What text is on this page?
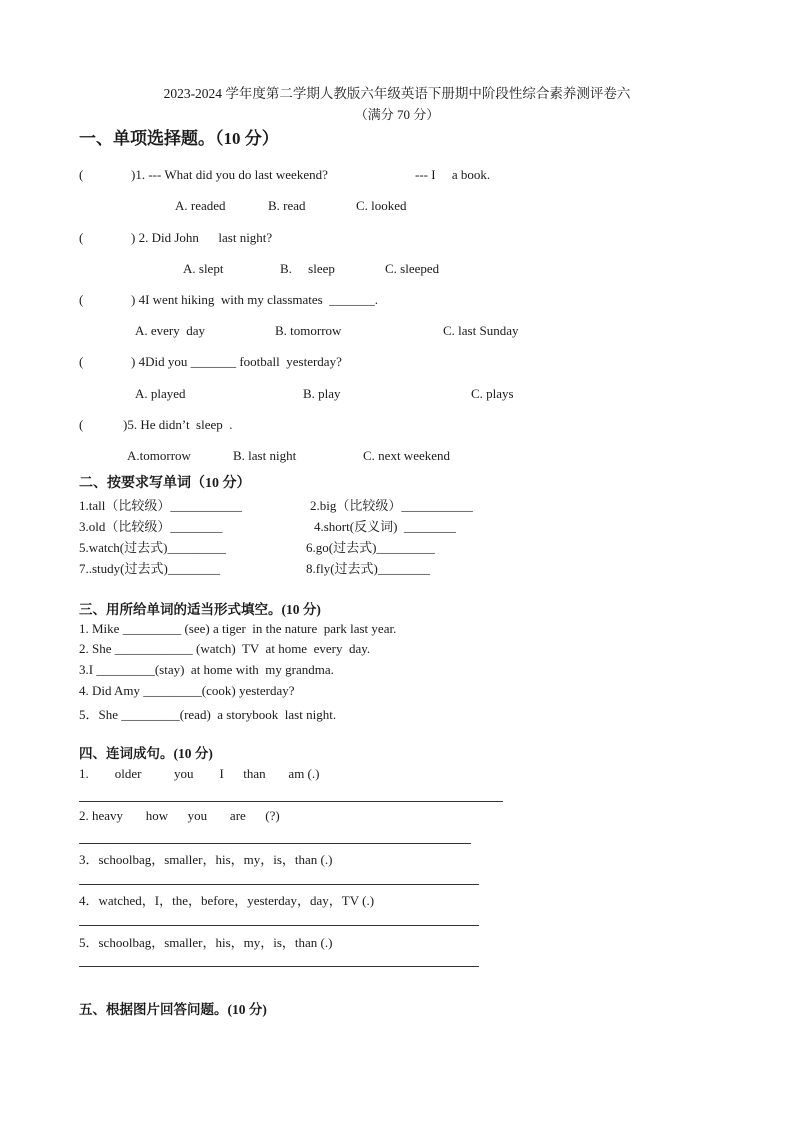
2023-2024 学年度第二学期人教版六年级英语下册期中阶段性综合素养测评卷六
（满分 70 分）
一、单项选择题。（10 分）
(	)1. --- What did you do last weekend?	--- I     a book.
A. readed	B. read	C. looked
(	) 2. Did John      last night?
A. slept	B.     sleep	C. sleeped
(	) 4I went hiking  with my classmates  _______.
A. every  day	B. tomorrow	C. last Sunday
(	) 4Did you _______ football  yesterday?
A. played	B. play	C. plays
(	)5. He didn’t  sleep  .
A.tomorrow	B. last night	C. next weekend
二、按要求写单词（10 分）
1.tall（比较级）___________	2.big（比较级）___________
3.old（比较级）________	4.short(反义词)  ________
5.watch(过去式)_________	6.go(过去式)_________
7..study(过去式)________	8.fly(过去式)________
三、用所给单词的适当形式填空。(10 分)
1. Mike _________ (see) a tiger  in the nature  park last year.
2. She ____________ (watch)  TV  at home  every  day.
3.I _________(stay)  at home with  my grandma.
4. Did Amy _________(cook) yesterday?
5．She _________(read)  a storybook  last night.
四、连词成句。(10 分)
1.        older          you        I      than       am (.)
2. heavy       how      you       are      (?)
3．schoolbag，smaller，his，my，is，than (.)
4．watched，I，the，before，yesterday，day，TV (.)
5．schoolbag，smaller，his，my，is，than (.)
五、根据图片回答问题。(10 分)
